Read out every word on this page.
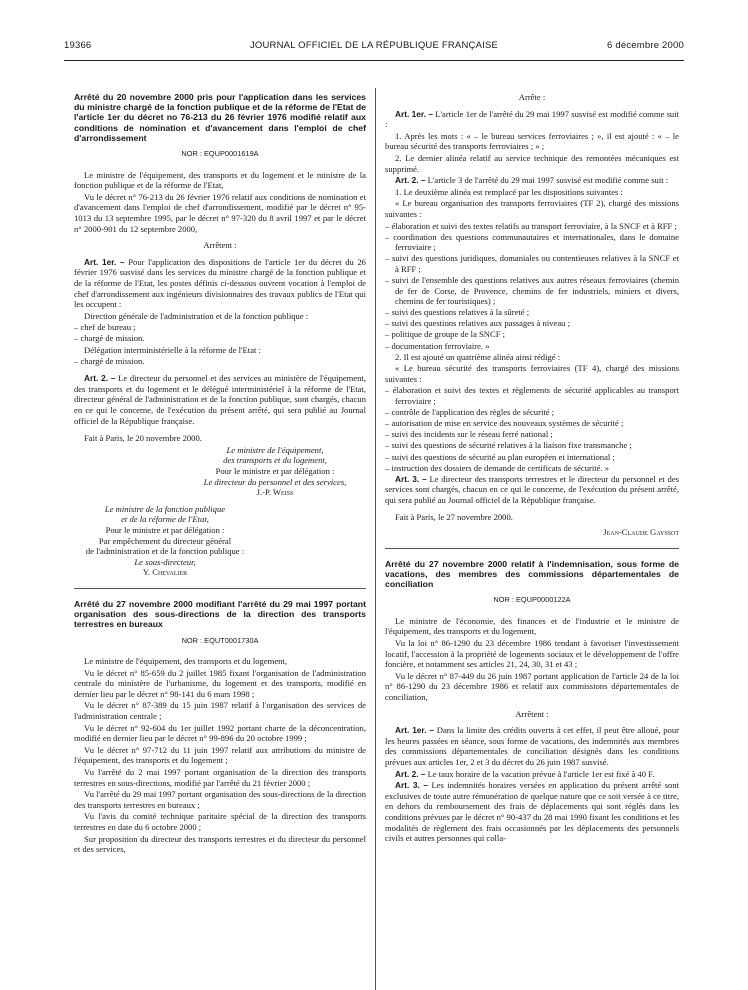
19366	JOURNAL OFFICIEL DE LA RÉPUBLIQUE FRANÇAISE	6 décembre 2000

Arrêté du 20 novembre 2000 pris pour l'application dans les services du ministre chargé de la fonction publique et de la réforme de l'Etat de l'article 1er du décret no 76-213 du 26 février 1976 modifié relatif aux conditions de nomination et d'avancement dans l'emploi de chef d'arrondissement

NOR : EQUP0001619A

Le ministre de l'équipement, des transports et du logement et le ministre de la fonction publique et de la réforme de l'Etat,

Vu le décret n° 76-213 du 26 février 1976 relatif aux conditions de nomination et d'avancement dans l'emploi de chef d'arrondissement, modifié par le décret n° 95-1013 du 13 septembre 1995, par le décret n° 97-320 du 8 avril 1997 et par le décret n° 2000-901 du 12 septembre 2000,

Arrêtent :

Art. 1er. – Pour l'application des dispositions de l'article 1er du décret du 26 février 1976 susvisé dans les services du ministre chargé de la fonction publique et de la réforme de l'Etat, les postes définis ci-dessous ouvrent vocation à l'emploi de chef d'arrondissement aux ingénieurs divisionnaires des travaux publics de l'Etat qui les occupent :

Direction générale de l'administration et de la fonction publique :

– chef de bureau ;

– chargé de mission.

Délégation interministérielle à la réforme de l'Etat :

– chargé de mission.

Art. 2. – Le directeur du personnel et des services au ministère de l'équipement, des transports et du logement et le délégué interministériel à la réforme de l'Etat, directeur général de l'administration et de la fonction publique, sont chargés, chacun en ce qui le concerne, de l'exécution du présent arrêté, qui sera publié au Journal officiel de la République française.

Fait à Paris, le 20 novembre 2000.

Le ministre de l'équipement,

des transports et du logement,

Pour le ministre et par délégation :

Le directeur du personnel et des services,

J.-P. Weiss

Le ministre de la fonction publique

et de la réforme de l'Etat,

Pour le ministre et par délégation :

Par empêchement du directeur général

de l'administration et de la fonction publique :

Le sous-directeur,

Y. Chevalier

Arrêté du 27 novembre 2000 modifiant l'arrêté du 29 mai 1997 portant organisation des sous-directions de la direction des transports terrestres en bureaux

NOR : EQUT0001730A

Le ministre de l'équipement, des transports et du logement,

Vu le décret n° 85-659 du 2 juillet 1985 fixant l'organisation de l'administration centrale du ministère de l'urbanisme, du logement et des transports, modifié en dernier lieu par le décret n° 98-141 du 6 mars 1998 ;

Vu le décret n° 87-389 du 15 juin 1987 relatif à l'organisation des services de l'administration centrale ;

Vu le décret n° 92-604 du 1er juillet 1992 portant charte de la déconcentration, modifié en dernier lieu par le décret n° 99-896 du 20 octobre 1999 ;

Vu le décret n° 97-712 du 11 juin 1997 relatif aux attributions du ministre de l'équipement, des transports et du logement ;

Vu l'arrêté du 2 mai 1997 portant organisation de la direction des transports terrestres en sous-directions, modifié par l'arrêté du 21 février 2000 ;

Vu l'arrêté du 29 mai 1997 portant organisation des sous-directions de la direction des transports terrestres en bureaux ;

Vu l'avis du comité technique paritaire spécial de la direction des transports terrestres en date du 6 octobre 2000 ;

Sur proposition du directeur des transports terrestres et du directeur du personnel et des services,

Arrête :

Art. 1er. – L'article 1er de l'arrêté du 29 mai 1997 susvisé est modifié comme suit :

1. Après les mots : « – le bureau services ferroviaires ; », il est ajouté : « – le bureau sécurité des transports ferroviaires ; » ;

2. Le dernier alinéa relatif au service technique des remontées mécaniques est supprimé.

Art. 2. – L'article 3 de l'arrêté du 29 mai 1997 susvisé est modifié comme suit :

1. Le deuxième alinéa est remplacé par les dispositions suivantes :

« Le bureau organisation des transports ferroviaires (TF 2), chargé des missions suivantes :

– élaboration et suivi des textes relatifs au transport ferroviaire, à la SNCF et à RFF ;

– coordination des questions communautaires et internationales, dans le domaine ferroviaire ;

– suivi des questions juridiques, domaniales ou contentieuses relatives à la SNCF et à RFF ;

– suivi de l'ensemble des questions relatives aux autres réseaux ferroviaires (chemin de fer de Corse, de Provence, chemins de fer industriels, miniers et divers, chemins de fer touristiques) ;

– suivi des questions relatives à la sûreté ;

– suivi des questions relatives aux passages à niveau ;

– politique de groupe de la SNCF ;

– documentation ferroviaire. »

2. Il est ajouté un quatrième alinéa ainsi rédigé :

« Le bureau sécurité des transports ferroviaires (TF 4), chargé des missions suivantes :

– élaboration et suivi des textes et règlements de sécurité applicables au transport ferroviaire ;

– contrôle de l'application des règles de sécurité ;

– autorisation de mise en service des nouveaux systèmes de sécurité ;

– suivi des incidents sur le réseau ferré national ;

– suivi des questions de sécurité relatives à la liaison fixe transmanche ;

– suivi des questions de sécurité au plan européen et international ;

– instruction des dossiers de demande de certificats de sécurité. »

Art. 3. – Le directeur des transports terrestres et le directeur du personnel et des services sont chargés, chacun en ce qui le concerne, de l'exécution du présent arrêté, qui sera publié au Journal officiel de la République française.

Fait à Paris, le 27 novembre 2000.

Jean-Claude Gayssot

Arrêté du 27 novembre 2000 relatif à l'indemnisation, sous forme de vacations, des membres des commissions départementales de conciliation

NOR : EQUP0000122A

Le ministre de l'économie, des finances et de l'industrie et le ministre de l'équipement, des transports et du logement,

Vu la loi n° 86-1290 du 23 décembre 1986 tendant à favoriser l'investissement locatif, l'accession à la propriété de logements sociaux et le développement de l'offre foncière, et notamment ses articles 21, 24, 30, 31 et 43 ;

Vu le décret n° 87-449 du 26 juin 1987 portant application de l'article 24 de la loi n° 86-1290 du 23 décembre 1986 et relatif aux commissions départementales de conciliation,

Arrêtent :

Art. 1er. – Dans la limite des crédits ouverts à cet effet, il peut être alloué, pour les heures passées en séance, sous forme de vacations, des indemnités aux membres des commissions départementales de conciliation désignés dans les conditions prévues aux articles 1er, 2 et 3 du décret du 26 juin 1987 susvisé.

Art. 2. – Le taux horaire de la vacation prévue à l'article 1er est fixé à 40 F.

Art. 3. – Les indemnités horaires versées en application du présent arrêté sont exclusives de toute autre rémunération de quelque nature que ce soit versée à ce titre, en dehors du remboursement des frais de déplacements qui sont réglés dans les conditions prévues par le décret n° 90-437 du 28 mai 1990 fixant les conditions et les modalités de règlement des frais occasionnés par les déplacements des personnels civils et autres personnes qui colla-
